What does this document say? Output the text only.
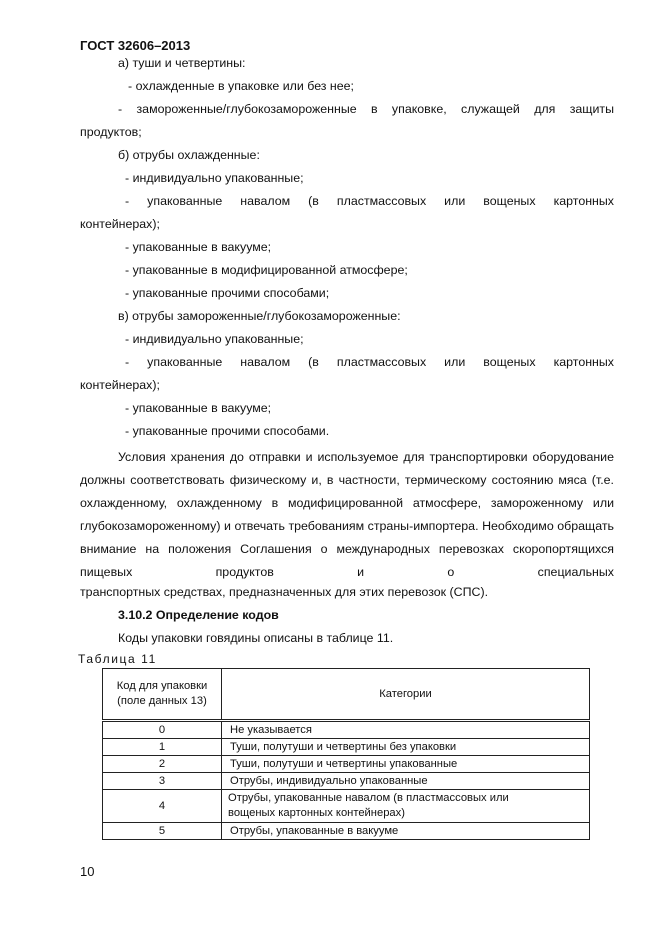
ГОСТ 32606–2013
а) туши и четвертины:
- охлажденные в упаковке или без нее;
- замороженные/глубокозамороженные в упаковке, служащей для защиты
продуктов;
б) отрубы охлажденные:
- индивидуально упакованные;
- упакованные навалом (в пластмассовых или вощеных картонных
контейнерах);
- упакованные в вакууме;
- упакованные в модифицированной атмосфере;
- упакованные прочими способами;
в) отрубы замороженные/глубокозамороженные:
- индивидуально упакованные;
- упакованные навалом (в пластмассовых или вощеных картонных
контейнерах);
- упакованные в вакууме;
- упакованные прочими способами.
Условия хранения до отправки и используемое для транспортировки оборудование должны соответствовать физическому и, в частности, термическому состоянию мяса (т.е. охлажденному, охлажденному в модифицированной атмосфере, замороженному или глубокозамороженному) и отвечать требованиям страны-импортера. Необходимо обращать внимание на положения Соглашения о международных перевозках скоропортящихся пищевых продуктов и о специальных
транспортных средствах, предназначенных для этих перевозок (СПС).
3.10.2 Определение кодов
Коды упаковки говядины описаны в таблице 11.
Таблица 11
Код для упаковки (поле данных 13)	Категории
0	Не указывается
1	Туши, полутуши и четвертины без упаковки
2	Туши, полутуши и четвертины упакованные
3	Отрубы, индивидуально упакованные
4	Отрубы, упакованные навалом (в пластмассовых или вощеных картонных контейнерах)
5	Отрубы, упакованные в вакууме
10
